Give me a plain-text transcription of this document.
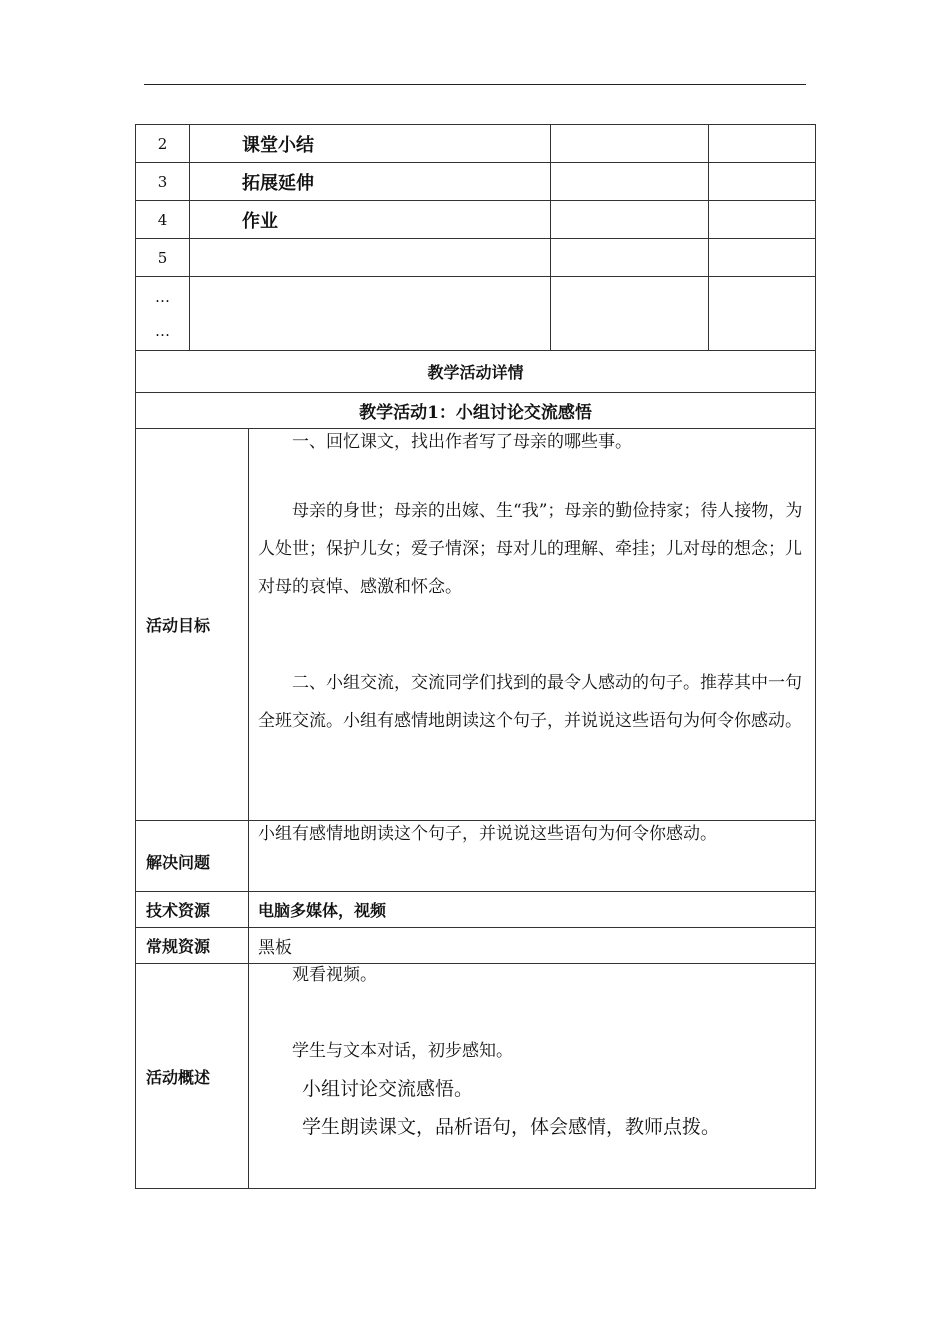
2	课堂小结			
3	拓展延伸			
4	作业			
5				

…
…				

教学活动详情				
教学活动1：小组讨论交流感悟				
活动目标		一、回忆课文，找出作者写了母亲的哪些事。

母亲的身世；母亲的出嫁、生“我”；母亲的勤俭持家；待人接物，为人处世；保护儿女；爱子情深；母对儿的理解、牵挂；儿对母的想念；儿对母的哀悼、感激和怀念。

二、小组交流，交流同学们找到的最令人感动的句子。推荐其中一句全班交流。小组有感情地朗读这个句子，并说说这些语句为何令你感动。		

解决问题		小组有感情地朗读这个句子，并说说这些语句为何令你感动。		

技术资源		电脑多媒体，视频		
常规资源		黑板		
活动概述		观看视频。

学生与文本对话，初步感知。

小组讨论交流感悟。

学生朗读课文，品析语句，体会感情，教师点拨。		
